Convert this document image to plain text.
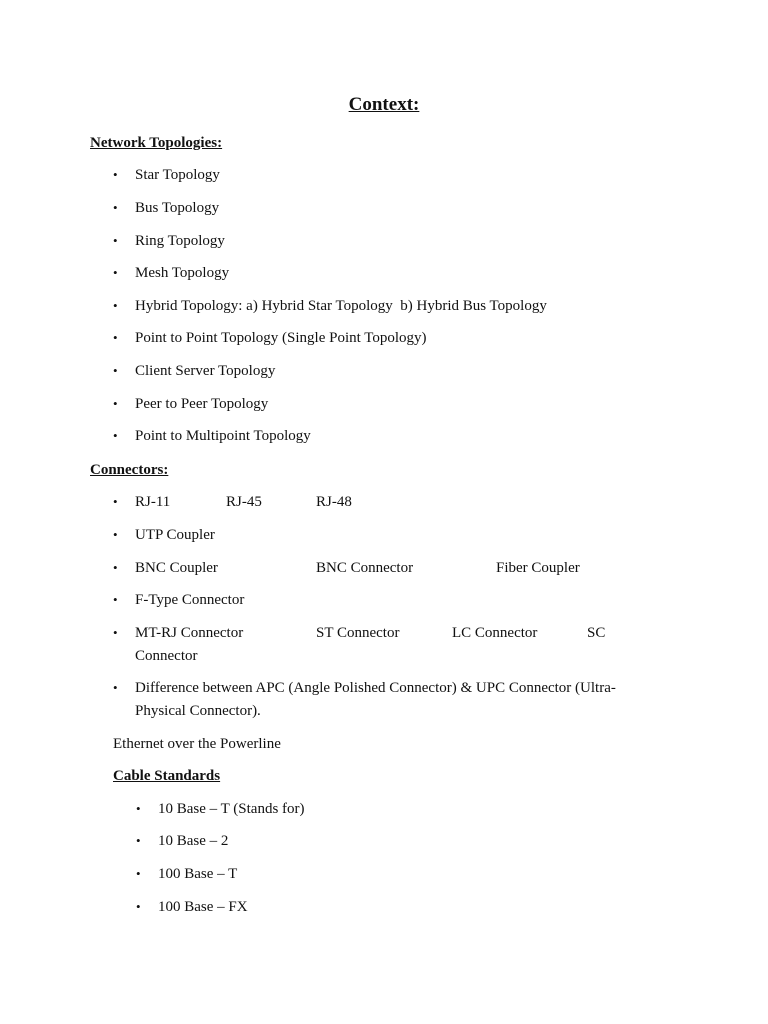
Context:
Network Topologies:
• Star Topology
• Bus Topology
• Ring Topology
• Mesh Topology
• Hybrid Topology: a) Hybrid Star Topology  b) Hybrid Bus Topology
• Point to Point Topology (Single Point Topology)
• Client Server Topology
• Peer to Peer Topology
• Point to Multipoint Topology
Connectors:
• RJ-11	RJ-45	RJ-48
• UTP Coupler
• BNC Coupler	BNC Connector	Fiber Coupler
• F-Type Connector
• MT-RJ Connector	ST Connector	LC Connector	SC
Connector
• Difference between APC (Angle Polished Connector) & UPC Connector (Ultra-
Physical Connector).
Ethernet over the Powerline
Cable Standards
• 10 Base – T (Stands for)
• 10 Base – 2
• 100 Base – T
• 100 Base – FX
